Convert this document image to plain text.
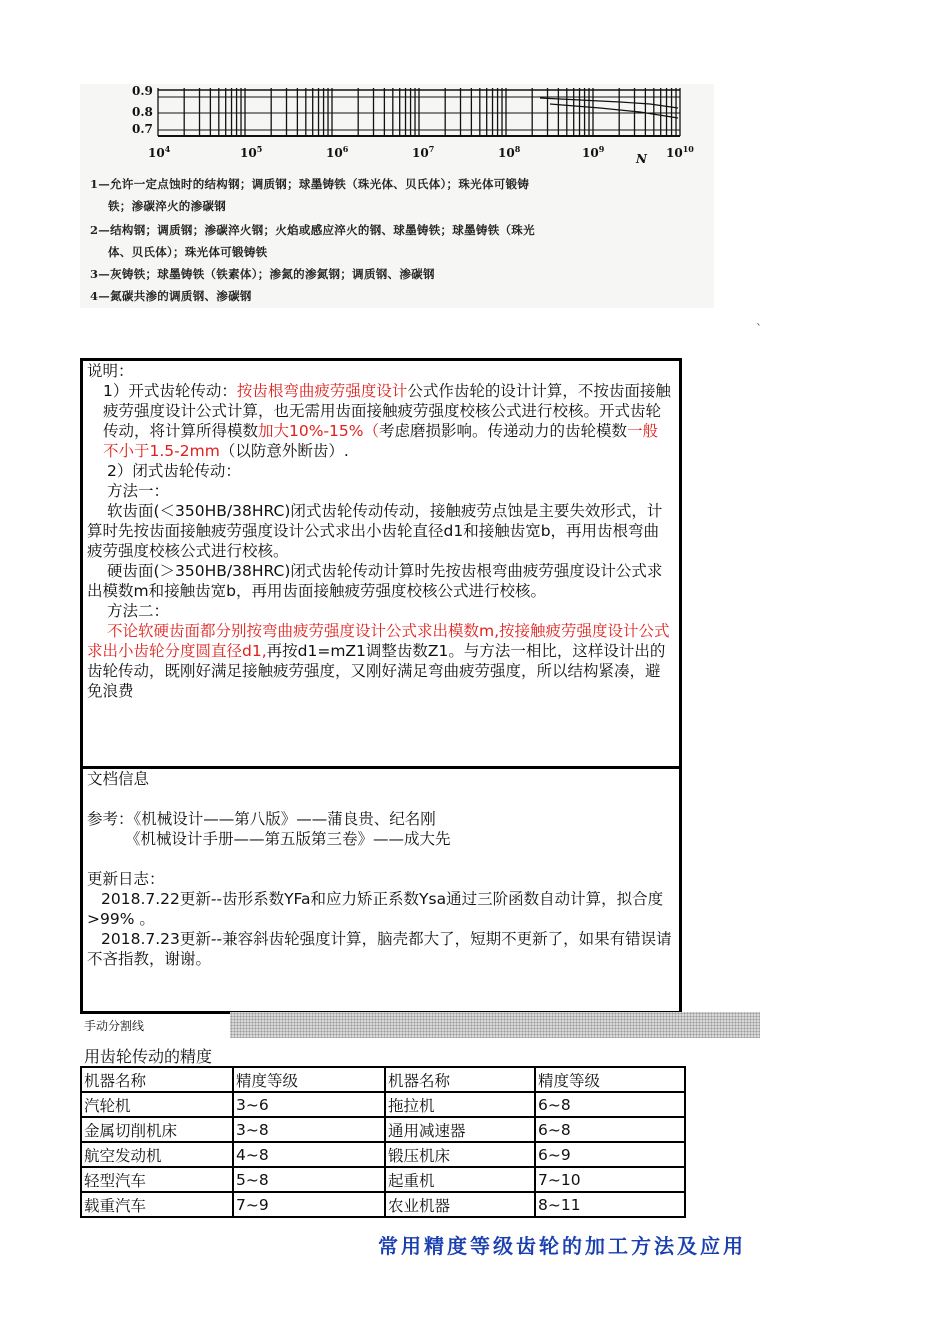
0.9
0.8
0.7
$10^4$	$10^5$	$10^6$	$10^7$	$10^8$	$10^9$	$10^{10}$
N
1—允许一定点蚀时的结构钢；调质钢；球墨铸铁（珠光体、贝氏体）；珠光体可锻铸
铁；渗碳淬火的渗碳钢
2—结构钢；调质钢；渗碳淬火钢；火焰或感应淬火的钢、球墨铸铁；球墨铸铁（珠光
体、贝氏体）；珠光体可锻铸铁
3—灰铸铁；球墨铸铁（铁素体）；渗氮的渗氮钢；调质钢、渗碳钢
4—氮碳共渗的调质钢、渗碳钢
`

说明：

1）开式齿轮传动：按齿根弯曲疲劳强度设计公式作齿轮的设计计算，不按齿面接触疲劳强度设计公式计算，也无需用齿面接触疲劳强度校核公式进行校核。开式齿轮传动，将计算所得模数加大10%-15%（考虑磨损影响。传递动力的齿轮模数一般不小于1.5-2mm（以防意外断齿）.

2）闭式齿轮传动：

方法一：

软齿面(＜350HB/38HRC)闭式齿轮传动传动，接触疲劳点蚀是主要失效形式，计算时先按齿面接触疲劳强度设计公式求出小齿轮直径d1和接触齿宽b，再用齿根弯曲疲劳强度校核公式进行校核。

硬齿面(＞350HB/38HRC)闭式齿轮传动计算时先按齿根弯曲疲劳强度设计公式求出模数m和接触齿宽b，再用齿面接触疲劳强度校核公式进行校核。

方法二：

不论软硬齿面都分别按弯曲疲劳强度设计公式求出模数m,按接触疲劳强度设计公式求出小齿轮分度圆直径d1,再按d1=mZ1调整齿数Z1。与方法一相比，这样设计出的齿轮传动，既刚好满足接触疲劳强度，又刚好满足弯曲疲劳强度，所以结构紧凑，避免浪费

文档信息

参考：《机械设计——第八版》——蒲良贵、纪名刚

《机械设计手册——第五版第三卷》——成大先

更新日志：

2018.7.22更新--齿形系数YFa和应力矫正系数Ysa通过三阶函数自动计算，拟合度>99% 。

2018.7.23更新--兼容斜齿轮强度计算，脑壳都大了，短期不更新了，如果有错误请不吝指教，谢谢。

手动分割线
用齿轮传动的精度
机器名称	精度等级	机器名称	精度等级
汽轮机	3~6	拖拉机	6~8
金属切削机床	3~8	通用减速器	6~8
航空发动机	4~8	锻压机床	6~9
轻型汽车	5~8	起重机	7~10
载重汽车	7~9	农业机器	8~11
常用精度等级齿轮的加工方法及应用
